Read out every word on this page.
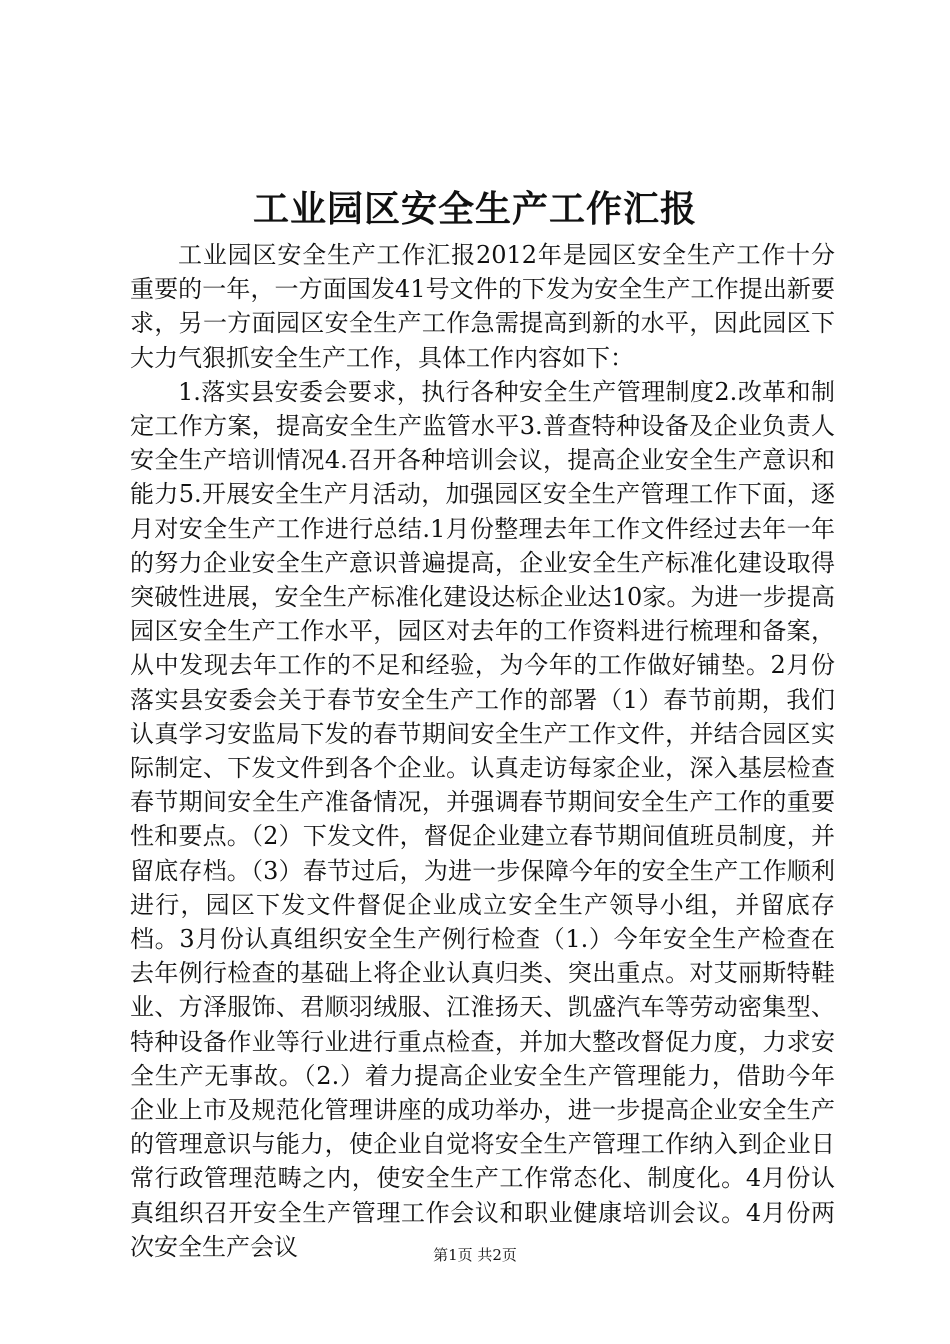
工业园区安全生产工作汇报

工业园区安全生产工作汇报2012年是园区安全生产工作十分重要的一年，一方面国发41号文件的下发为安全生产工作提出新要求，另一方面园区安全生产工作急需提高到新的水平，因此园区下大力气狠抓安全生产工作，具体工作内容如下：

1.落实县安委会要求，执行各种安全生产管理制度2.改革和制定工作方案，提高安全生产监管水平3.普查特种设备及企业负责人安全生产培训情况4.召开各种培训会议，提高企业安全生产意识和能力5.开展安全生产月活动，加强园区安全生产管理工作下面，逐月对安全生产工作进行总结.1月份整理去年工作文件经过去年一年的努力企业安全生产意识普遍提高，企业安全生产标准化建设取得突破性进展，安全生产标准化建设达标企业达10家。为进一步提高园区安全生产工作水平，园区对去年的工作资料进行梳理和备案，从中发现去年工作的不足和经验，为今年的工作做好铺垫。2月份落实县安委会关于春节安全生产工作的部署（1）春节前期，我们认真学习安监局下发的春节期间安全生产工作文件，并结合园区实际制定、下发文件到各个企业。认真走访每家企业，深入基层检查春节期间安全生产准备情况，并强调春节期间安全生产工作的重要性和要点。（2）下发文件，督促企业建立春节期间值班员制度，并留底存档。（3）春节过后，为进一步保障今年的安全生产工作顺利进行，园区下发文件督促企业成立安全生产领导小组，并留底存档。3月份认真组织安全生产例行检查（1.）今年安全生产检查在去年例行检查的基础上将企业认真归类、突出重点。对艾丽斯特鞋业、方泽服饰、君顺羽绒服、江淮扬天、凯盛汽车等劳动密集型、特种设备作业等行业进行重点检查，并加大整改督促力度，力求安全生产无事故。（2.）着力提高企业安全生产管理能力，借助今年企业上市及规范化管理讲座的成功举办，进一步提高企业安全生产的管理意识与能力，使企业自觉将安全生产管理工作纳入到企业日常行政管理范畴之内，使安全生产工作常态化、制度化。4月份认真组织召开安全生产管理工作会议和职业健康培训会议。4月份两次安全生产会议	第1页 共2页
